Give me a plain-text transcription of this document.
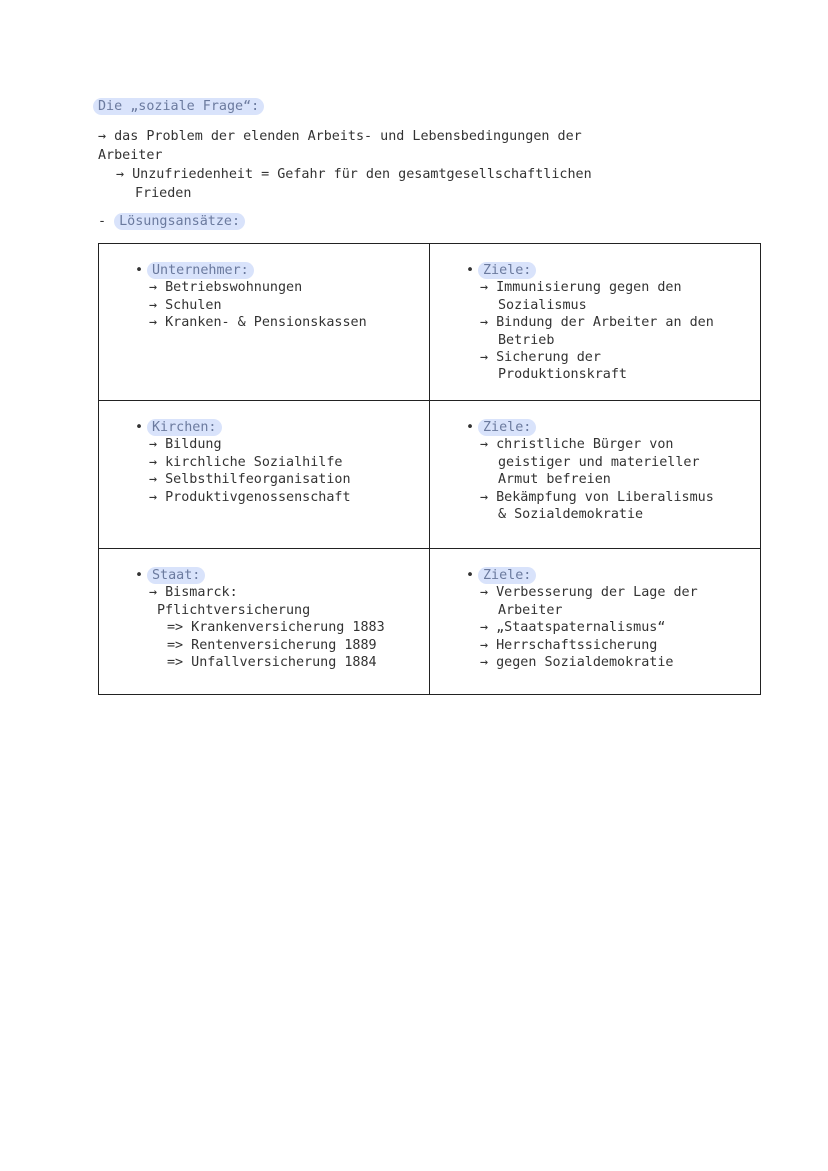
Die „soziale Frage“:
→ das Problem der elenden Arbeits- und Lebensbedingungen der
Arbeiter
→ Unzufriedenheit = Gefahr für den gesamtgesellschaftlichen
Frieden
- Lösungsansätze:
• Unternehmer:
→ Betriebswohnungen
→ Schulen
→ Kranken- & Pensionskassen
• Ziele:
→ Immunisierung gegen den
Sozialismus
→ Bindung der Arbeiter an den
Betrieb
→ Sicherung der
Produktionskraft
• Kirchen:
→ Bildung
→ kirchliche Sozialhilfe
→ Selbsthilfeorganisation
→ Produktivgenossenschaft
• Ziele:
→ christliche Bürger von
geistiger und materieller
Armut befreien
→ Bekämpfung von Liberalismus
& Sozialdemokratie
• Staat:
→ Bismarck:
Pflichtversicherung
=> Krankenversicherung 1883
=> Rentenversicherung 1889
=> Unfallversicherung 1884
• Ziele:
→ Verbesserung der Lage der
Arbeiter
→ „Staatspaternalismus“
→ Herrschaftssicherung
→ gegen Sozialdemokratie
